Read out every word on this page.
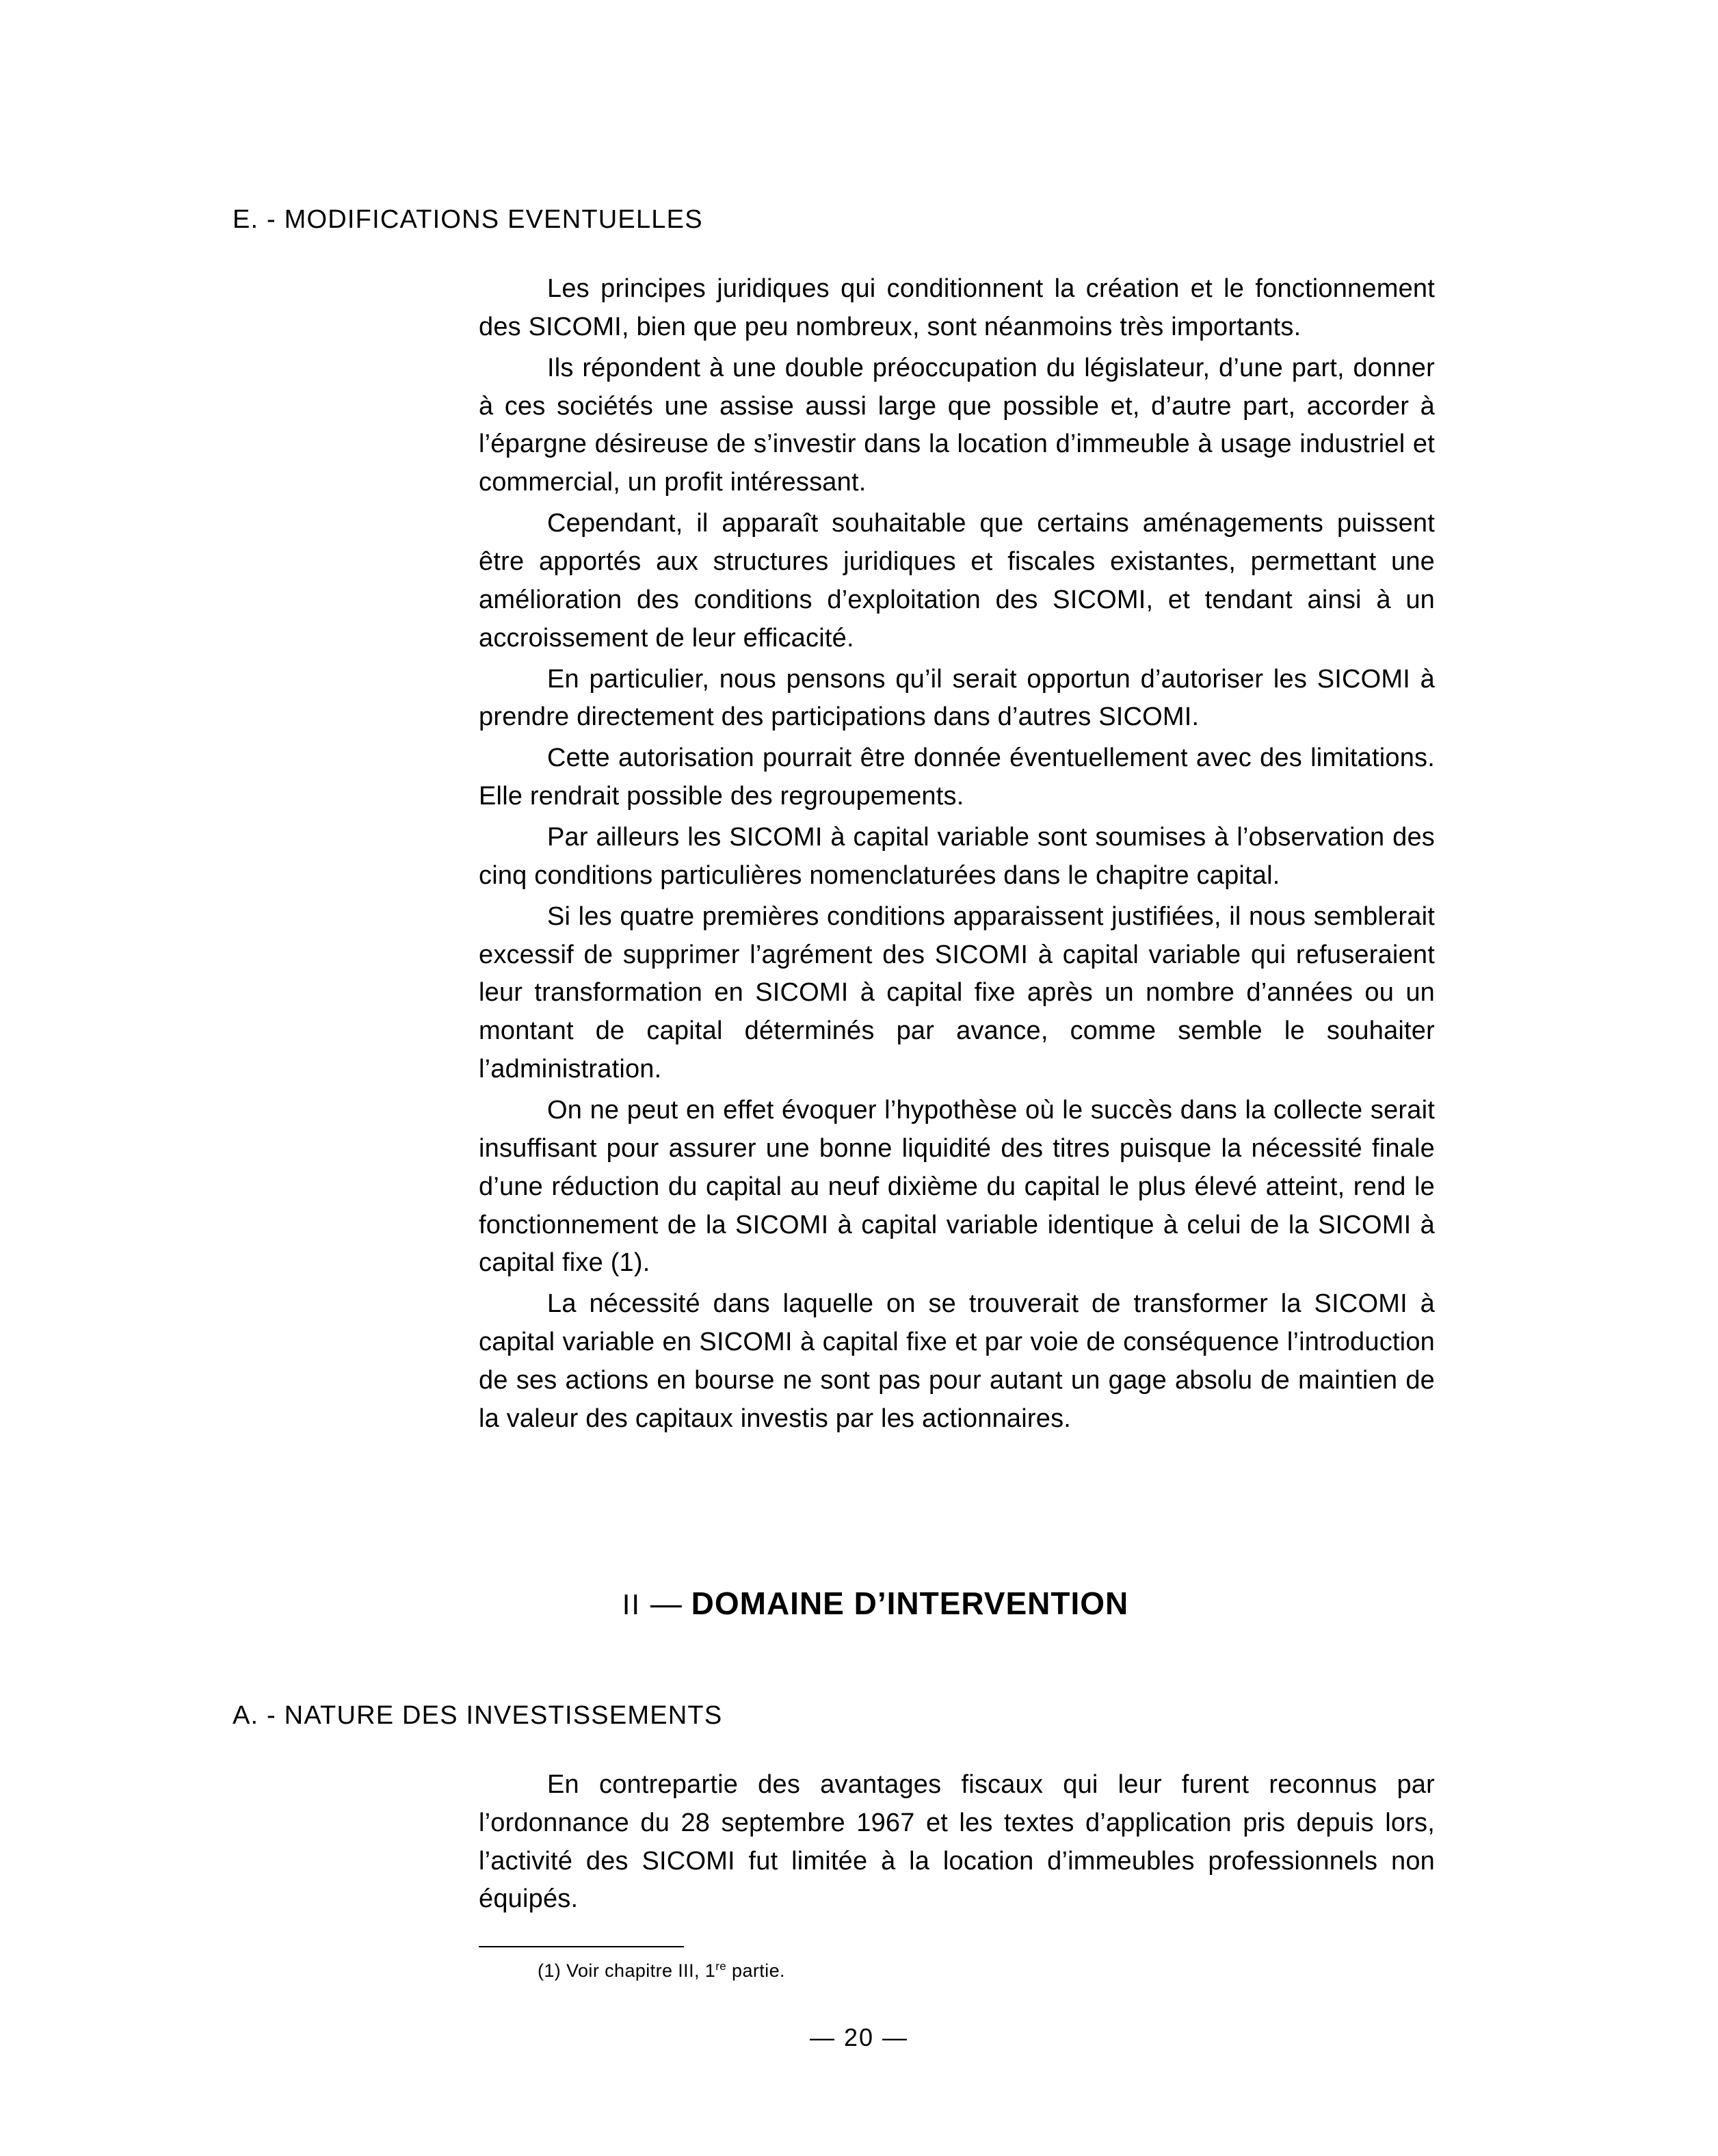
E. - MODIFICATIONS EVENTUELLES

Les principes juridiques qui conditionnent la création et le fonctionnement des SICOMI, bien que peu nombreux, sont néanmoins très importants.

Ils répondent à une double préoccupation du législateur, d’une part, donner à ces sociétés une assise aussi large que possible et, d’autre part, accorder à l’épargne désireuse de s’investir dans la location d’immeuble à usage industriel et commercial, un profit intéressant.

Cependant, il apparaît souhaitable que certains aménagements puissent être apportés aux structures juridiques et fiscales existantes, permettant une amélioration des conditions d’exploitation des SICOMI, et tendant ainsi à un accroissement de leur efficacité.

En particulier, nous pensons qu’il serait opportun d’autoriser les SICOMI à prendre directement des participations dans d’autres SICOMI.

Cette autorisation pourrait être donnée éventuellement avec des limitations. Elle rendrait possible des regroupements.

Par ailleurs les SICOMI à capital variable sont soumises à l’observation des cinq conditions particulières nomenclaturées dans le chapitre capital.

Si les quatre premières conditions apparaissent justifiées, il nous semblerait excessif de supprimer l’agrément des SICOMI à capital variable qui refuseraient leur transformation en SICOMI à capital fixe après un nombre d’années ou un montant de capital déterminés par avance, comme semble le souhaiter l’administration.

On ne peut en effet évoquer l’hypothèse où le succès dans la collecte serait insuffisant pour assurer une bonne liquidité des titres puisque la nécessité finale d’une réduction du capital au neuf dixième du capital le plus élevé atteint, rend le fonctionnement de la SICOMI à capital variable identique à celui de la SICOMI à capital fixe (1).

La nécessité dans laquelle on se trouverait de transformer la SICOMI à capital variable en SICOMI à capital fixe et par voie de conséquence l’introduction de ses actions en bourse ne sont pas pour autant un gage absolu de maintien de la valeur des capitaux investis par les actionnaires.

II — DOMAINE D’INTERVENTION
A. - NATURE DES INVESTISSEMENTS

En contrepartie des avantages fiscaux qui leur furent reconnus par l’ordonnance du 28 septembre 1967 et les textes d’application pris depuis lors, l’activité des SICOMI fut limitée à la location d’immeubles professionnels non équipés.

(1) Voir chapitre III, 1re partie.
— 20 —
